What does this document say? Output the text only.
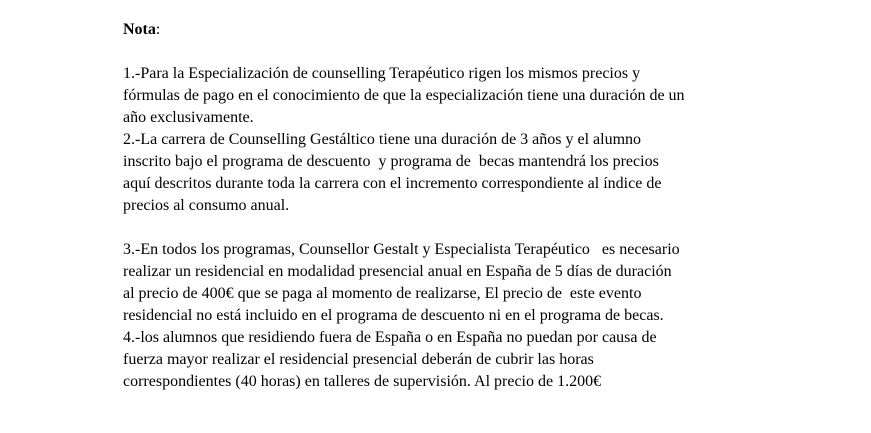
Nota:

1.-Para la Especialización de counselling Terapéutico rigen los mismos precios y

fórmulas de pago en el conocimiento de que la especialización tiene una duración de un

año exclusivamente.

2.-La carrera de Counselling Gestáltico tiene una duración de 3 años y el alumno

inscrito bajo el programa de descuento  y programa de  becas mantendrá los precios

aquí descritos durante toda la carrera con el incremento correspondiente al índice de

precios al consumo anual.

3.-En todos los programas, Counsellor Gestalt y Especialista Terapéutico   es necesario

realizar un residencial en modalidad presencial anual en España de 5 días de duración

al precio de 400€ que se paga al momento de realizarse, El precio de  este evento

residencial no está incluido en el programa de descuento ni en el programa de becas.

4.-los alumnos que residiendo fuera de España o en España no puedan por causa de

fuerza mayor realizar el residencial presencial deberán de cubrir las horas

correspondientes (40 horas) en talleres de supervisión. Al precio de 1.200€
